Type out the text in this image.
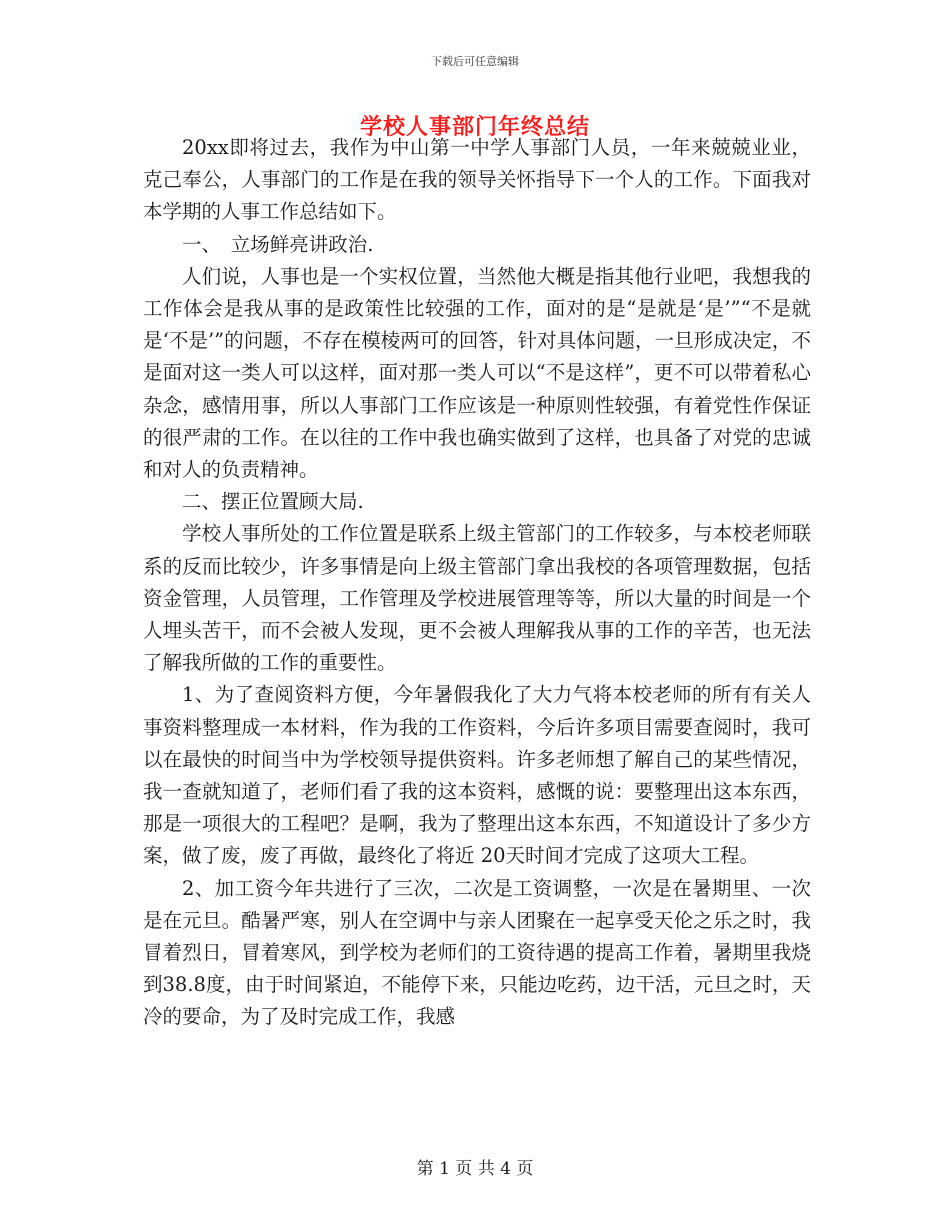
下载后可任意编辑
学校人事部门年终总结

20xx即将过去，我作为中山第一中学人事部门人员，一年来兢兢业业，克己奉公，人事部门的工作是在我的领导关怀指导下一个人的工作。下面我对本学期的人事工作总结如下。

一、　立场鲜亮讲政治.

人们说，人事也是一个实权位置，当然他大概是指其他行业吧，我想我的工作体会是我从事的是政策性比较强的工作，面对的是“是就是‘是’”“不是就是‘不是’”的问题，不存在模棱两可的回答，针对具体问题，一旦形成决定，不是面对这一类人可以这样，面对那一类人可以“不是这样”，更不可以带着私心杂念，感情用事，所以人事部门工作应该是一种原则性较强，有着党性作保证的很严肃的工作。在以往的工作中我也确实做到了这样，也具备了对党的忠诚和对人的负责精神。

二、摆正位置顾大局.

学校人事所处的工作位置是联系上级主管部门的工作较多，与本校老师联系的反而比较少，许多事情是向上级主管部门拿出我校的各项管理数据，包括资金管理，人员管理，工作管理及学校进展管理等等，所以大量的时间是一个人埋头苦干，而不会被人发现，更不会被人理解我从事的工作的辛苦，也无法了解我所做的工作的重要性。

1、为了查阅资料方便，今年暑假我化了大力气将本校老师的所有有关人事资料整理成一本材料，作为我的工作资料，今后许多项目需要查阅时，我可以在最快的时间当中为学校领导提供资料。许多老师想了解自己的某些情况，我一查就知道了，老师们看了我的这本资料，感慨的说：要整理出这本东西，那是一项很大的工程吧？是啊，我为了整理出这本东西，不知道设计了多少方案，做了废，废了再做，最终化了将近 20天时间才完成了这项大工程。

2、加工资今年共进行了三次，二次是工资调整，一次是在暑期里、一次是在元旦。酷暑严寒，别人在空调中与亲人团聚在一起享受天伦之乐之时，我冒着烈日，冒着寒风，到学校为老师们的工资待遇的提高工作着，暑期里我烧到38.8度，由于时间紧迫，不能停下来，只能边吃药，边干活，元旦之时，天冷的要命，为了及时完成工作，我感

第 1 页 共 4 页
